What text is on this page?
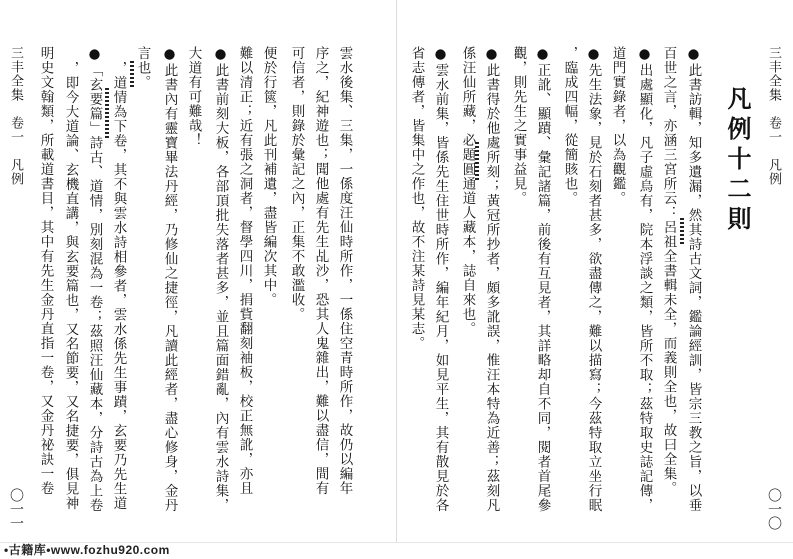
三丰全集　卷一　凡例
〇一一
明史文翰類，所載道書目，其中有先生金丹直指一卷，又金丹祕訣一卷 ，即今大道論、玄機直講，與玄要篇也，又名節要，又名捷要，俱見神 ●「玄要篇」詩古、道情，別刻混為一卷；茲照汪仙藏本，分詩古為上卷 ，道情為下卷，其不與雲水詩相參者，雲水係先生事蹟，玄要乃先生道 言也。 ●此書內有靈寶畢法丹經，乃修仙之捷徑，凡讀此經者，盡心修身，金丹 大道有可難哉！ ●此書前刻大板，各部頂批失落者甚多，並且篇面錯亂，內有雲水詩集， 難以清正；近有張之洞者，督學四川，捐貲翻刻袖板，校正無訛，亦且 便於行篋，凡此刊補遺，盡皆編次其中。 可信者，則錄於彙記之內，正集不敢濫收。 序之，紀神遊也；聞他處有先生乩沙，恐其人鬼雜出，難以盡信，間有 雲水後集、三集，一係度汪仙時所作，一係住空青時所作，故仍以編年	省志傳者，皆集中之作也，故不注某詩見某志。 ●雲水前集，皆係先生住世時所作，編年紀月，如見平生，其有散見於各 係汪仙所藏，必題圓通道人藏本，誌自來也。 ●此書得於他處所刻；黃冠所抄者，頗多訛誤，惟汪本特為近善；茲刻凡 觀，則先生之實事益見。 ●正訛、顯蹟、彙記諸篇，前後有互見者，其詳略却自不同，閱者首尾參 ，臨成四幅，從簡賅也。 ●先生法象，見於石刻者甚多，欲盡傳之，難以描寫；今茲特取立坐行眠 道門實錄者，以為觀鑑。 ●出處顯化，凡子虛烏有，院本浮談之類，皆所不取；茲特取史誌記傳， 百世之言，亦涵三宮所云：呂祖全書輯未全，而義則全也，故曰全集。 ●此書訪輯，知多遺漏，然其詩古文詞，鑑論經訓，皆宗三教之旨，以垂 凡例十二則 三丰全集　卷一　凡例
〇一〇
•古籍库•www.fozhu920.com
